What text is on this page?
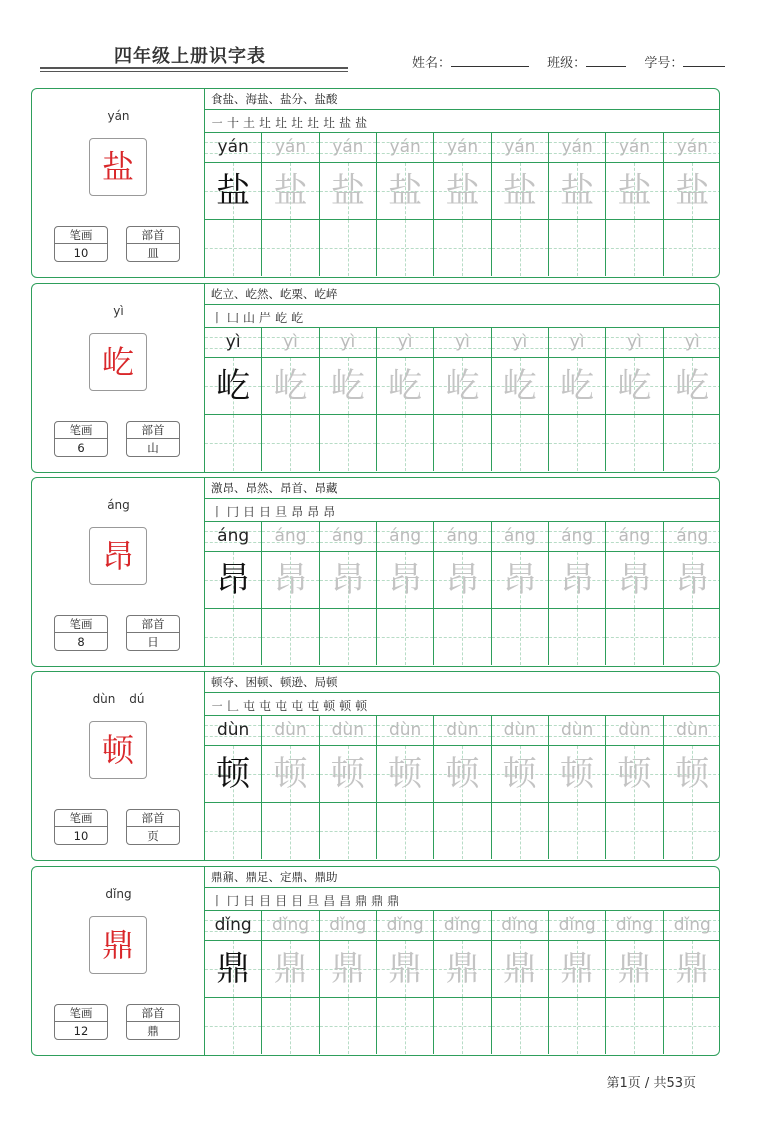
四年级上册识字表	姓名：	班级：	学号：
yán
盐
笔画
10
部首
皿
食盐、海盐、盐分、盐酸
㇐ 十 土 圵 圵 圵 圵 圵 盐 盐
yán	yán	yán	yán	yán	yán	yán	yán	yán
盐 盐 盐 盐 盐 盐 盐 盐 盐
yì
屹
笔画
6
部首
山
屹立、屹然、屹栗、屹崪
丨 凵 山 屵 屹 屹
yì	yì	yì	yì	yì	yì	yì	yì	yì
屹 屹 屹 屹 屹 屹 屹 屹 屹
áng
昂
笔画
8
部首
日
激昂、昂然、昂首、昂藏
丨 冂 日 日 旦 昂 昂 昂
áng	áng	áng	áng	áng	áng	áng	áng	áng
昂 昂 昂 昂 昂 昂 昂 昂 昂
dùn dú
顿
笔画
10
部首
页
顿夺、困顿、顿逊、局顿
㇐ 𠃊 屯 屯 屯 屯 屯 顿 顿 顿
dùn	dùn	dùn	dùn	dùn	dùn	dùn	dùn	dùn
顿 顿 顿 顿 顿 顿 顿 顿 顿
dǐng
鼎
笔画
12
部首
鼎
鼎鼐、鼎足、定鼎、鼎助
丨 冂 日 目 目 目 旦 昌 昌 鼎 鼎 鼎
dǐng	dǐng	dǐng	dǐng	dǐng	dǐng	dǐng	dǐng	dǐng
鼎 鼎 鼎 鼎 鼎 鼎 鼎 鼎 鼎
第1页 / 共53页
